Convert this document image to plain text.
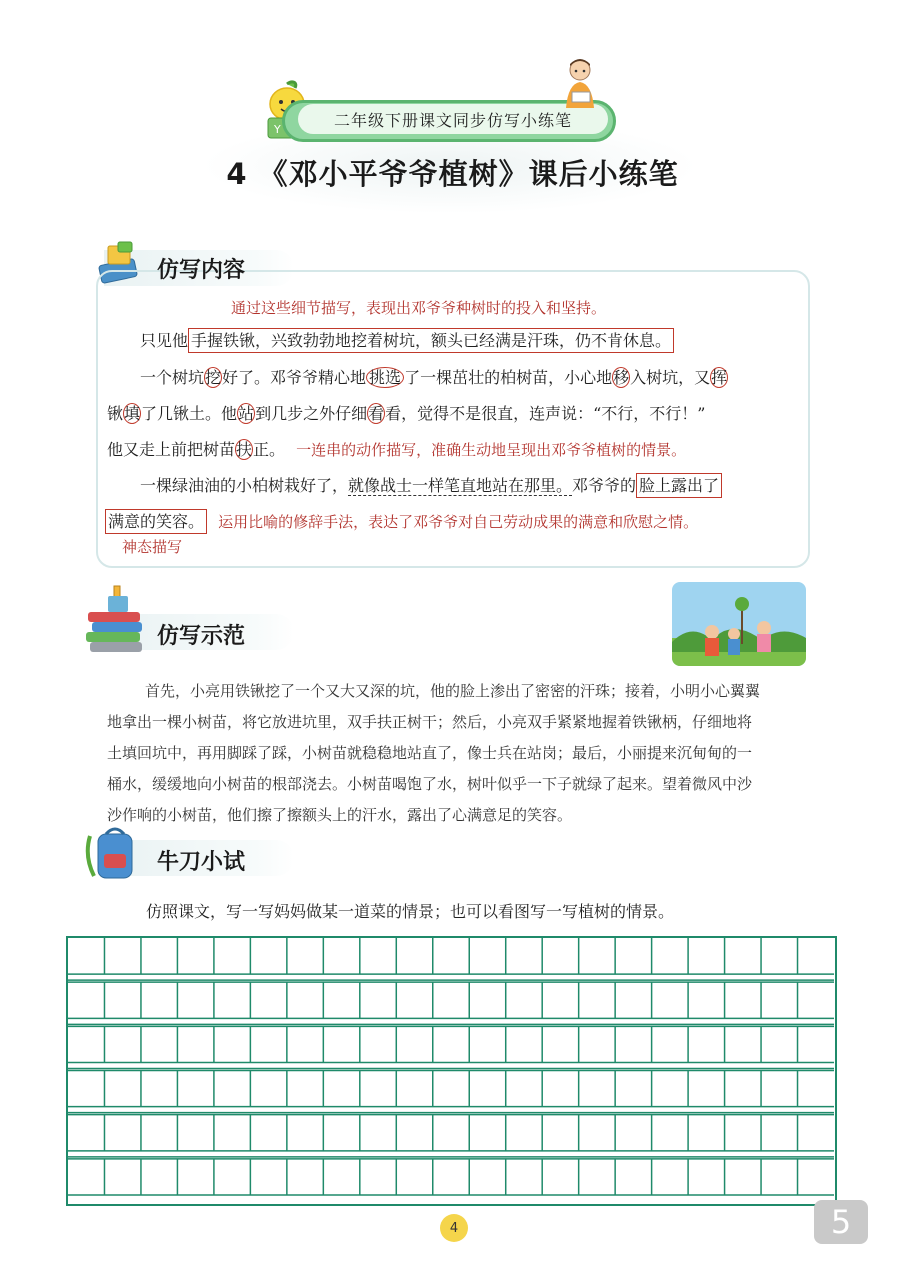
Y	二年级下册课文同步仿写小练笔
4 《邓小平爷爷植树》课后小练笔
仿写内容
通过这些细节描写，表现出邓爷爷种树时的投入和坚持。
只见他 手握铁锹，兴致勃勃地挖着树坑，额头已经满是汗珠，仍不肯休息。
一个树坑挖好了。邓爷爷精心地 挑选 了一棵茁壮的柏树苗，小心地移入树坑，又挥
锹填了几锹土。他站到几步之外仔细看看，觉得不是很直，连声说：“不行，不行！”
他又走上前把树苗扶正。 一连串的动作描写，准确生动地呈现出邓爷爷植树的情景。
一棵绿油油的小柏树栽好了，就像战士一样笔直地站在那里。邓爷爷的 脸上露出了
满意的笑容。 运用比喻的修辞手法，表达了邓爷爷对自己劳动成果的满意和欣慰之情。
神态描写
仿写示范
首先，小亮用铁锹挖了一个又大又深的坑，他的脸上渗出了密密的汗珠；接着，小明小心翼翼
地拿出一棵小树苗，将它放进坑里，双手扶正树干；然后，小亮双手紧紧地握着铁锹柄，仔细地将
土填回坑中，再用脚踩了踩，小树苗就稳稳地站直了，像士兵在站岗；最后，小丽提来沉甸甸的一
桶水，缓缓地向小树苗的根部浇去。小树苗喝饱了水，树叶似乎一下子就绿了起来。望着微风中沙
沙作响的小树苗，他们擦了擦额头上的汗水，露出了心满意足的笑容。
牛刀小试
仿照课文，写一写妈妈做某一道菜的情景；也可以看图写一写植树的情景。
4	5
